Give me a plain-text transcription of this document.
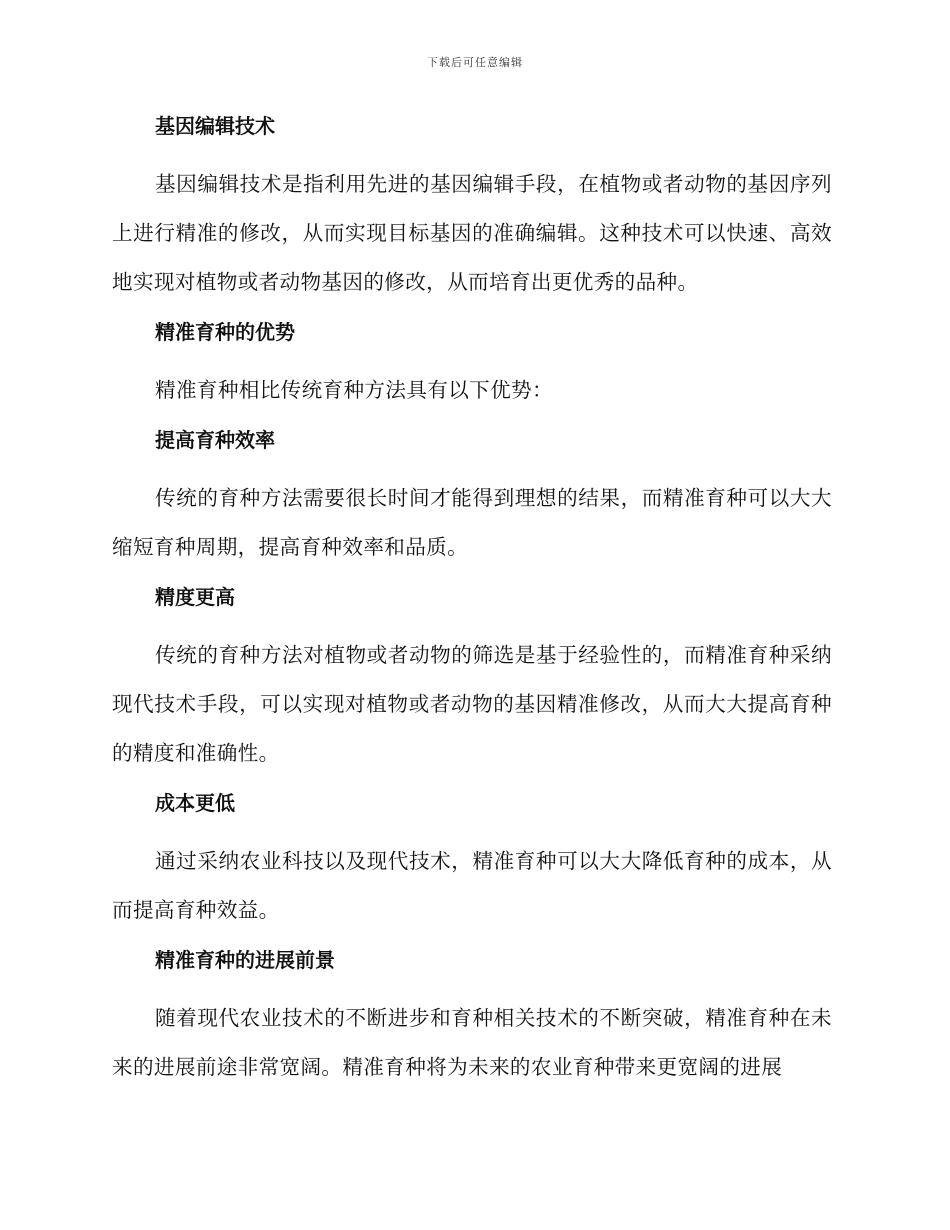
下载后可任意编辑
基因编辑技术

基因编辑技术是指利用先进的基因编辑手段，在植物或者动物的基因序列上进行精准的修改，从而实现目标基因的准确编辑。这种技术可以快速、高效地实现对植物或者动物基因的修改，从而培育出更优秀的品种。

精准育种的优势

精准育种相比传统育种方法具有以下优势：

提高育种效率

传统的育种方法需要很长时间才能得到理想的结果，而精准育种可以大大缩短育种周期，提高育种效率和品质。

精度更高

传统的育种方法对植物或者动物的筛选是基于经验性的，而精准育种采纳现代技术手段，可以实现对植物或者动物的基因精准修改，从而大大提高育种的精度和准确性。

成本更低

通过采纳农业科技以及现代技术，精准育种可以大大降低育种的成本，从而提高育种效益。

精准育种的进展前景

随着现代农业技术的不断进步和育种相关技术的不断突破，精准育种在未来的进展前途非常宽阔。精准育种将为未来的农业育种带来更宽阔的进展
